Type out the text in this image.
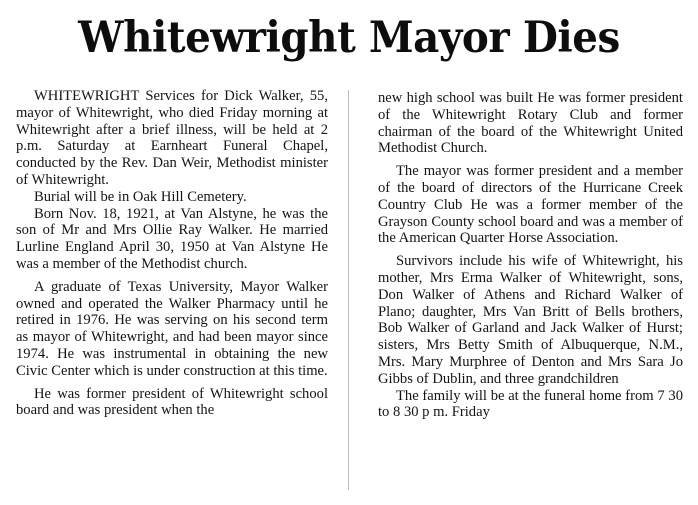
Whitewright Mayor Dies

WHITEWRIGHT Services for Dick Walker, 55, mayor of Whitewright, who died Friday morning at Whitewright after a brief illness, will be held at 2 p.m. Saturday at Earnheart Funeral Chapel, conducted by the Rev. Dan Weir, Methodist minister of Whitewright.

Burial will be in Oak Hill Cemetery.

Born Nov. 18, 1921, at Van Alstyne, he was the son of Mr and Mrs Ollie Ray Walker. He married Lurline England April 30, 1950 at Van Alstyne He was a member of the Methodist church.

A graduate of Texas University, Mayor Walker owned and operated the Walker Pharmacy until he retired in 1976. He was serving on his second term as mayor of Whitewright, and had been mayor since 1974. He was instrumental in obtaining the new Civic Center which is under construction at this time.

He was former president of Whitewright school board and was president when the

new high school was built He was former president of the Whitewright Rotary Club and former chairman of the board of the Whitewright United Methodist Church.

The mayor was former president and a member of the board of directors of the Hurricane Creek Country Club He was a former member of the Grayson County school board and was a member of the American Quarter Horse Association.

Survivors include his wife of Whitewright, his mother, Mrs Erma Walker of Whitewright, sons, Don Walker of Athens and Richard Walker of Plano; daughter, Mrs Van Britt of Bells brothers, Bob Walker of Garland and Jack Walker of Hurst; sisters, Mrs Betty Smith of Albuquerque, N.M., Mrs. Mary Murphree of Denton and Mrs Sara Jo Gibbs of Dublin, and three grandchildren

The family will be at the funeral home from 7 30 to 8 30 p m. Friday
